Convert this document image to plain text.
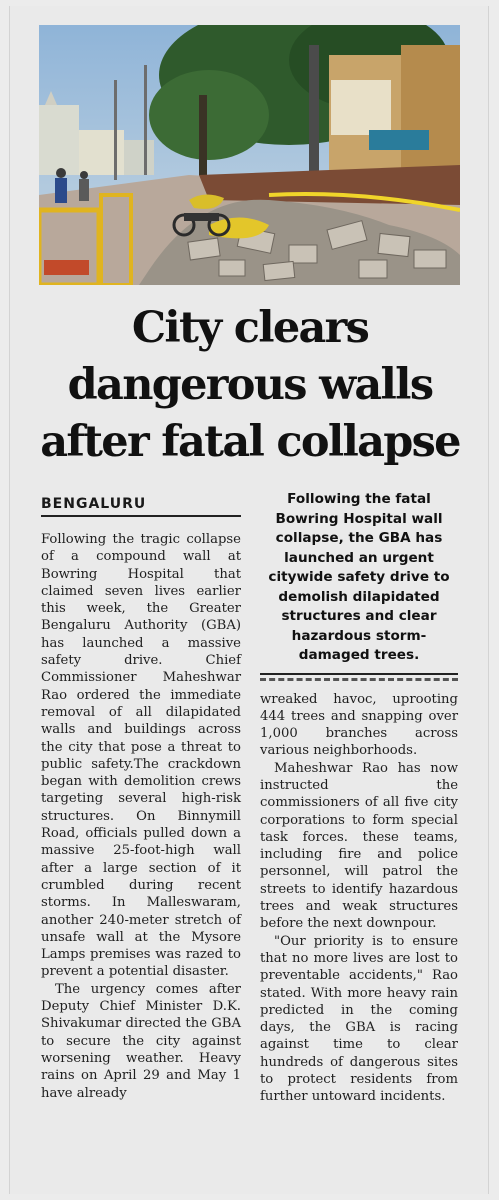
City clears
dangerous walls
after fatal collapse
BENGALURU

Following the tragic collapse of a compound wall at Bowring Hospital that claimed seven lives earlier this week, the Greater Bengaluru Authority (GBA) has launched a massive safety drive. Chief Commissioner Maheshwar Rao ordered the immediate removal of all dilapidated walls and buildings across the city that pose a threat to public safety.The crackdown began with demolition crews targeting several high-risk structures. On Binnymill Road, officials pulled down a massive 25-foot-high wall after a large section of it crumbled during recent storms. In Malleswaram, another 240-meter stretch of unsafe wall at the Mysore Lamps premises was razed to prevent a potential disaster.

The urgency comes after Deputy Chief Minister D.K. Shivakumar directed the GBA to secure the city against worsening weather. Heavy rains on April 29 and May 1 have already

Following the fatal Bowring Hospital wall collapse, the GBA has launched an urgent citywide safety drive to demolish dilapidated structures and clear hazardous storm-damaged trees.

wreaked havoc, uprooting 444 trees and snapping over 1,000 branches across various neighborhoods.

Maheshwar Rao has now instructed the commissioners of all five city corporations to form special task forces. these teams, including fire and police personnel, will patrol the streets to identify hazardous trees and weak structures before the next downpour.

"Our priority is to ensure that no more lives are lost to preventable accidents," Rao stated. With more heavy rain predicted in the coming days, the GBA is racing against time to clear hundreds of dangerous sites to protect residents from further untoward incidents.
